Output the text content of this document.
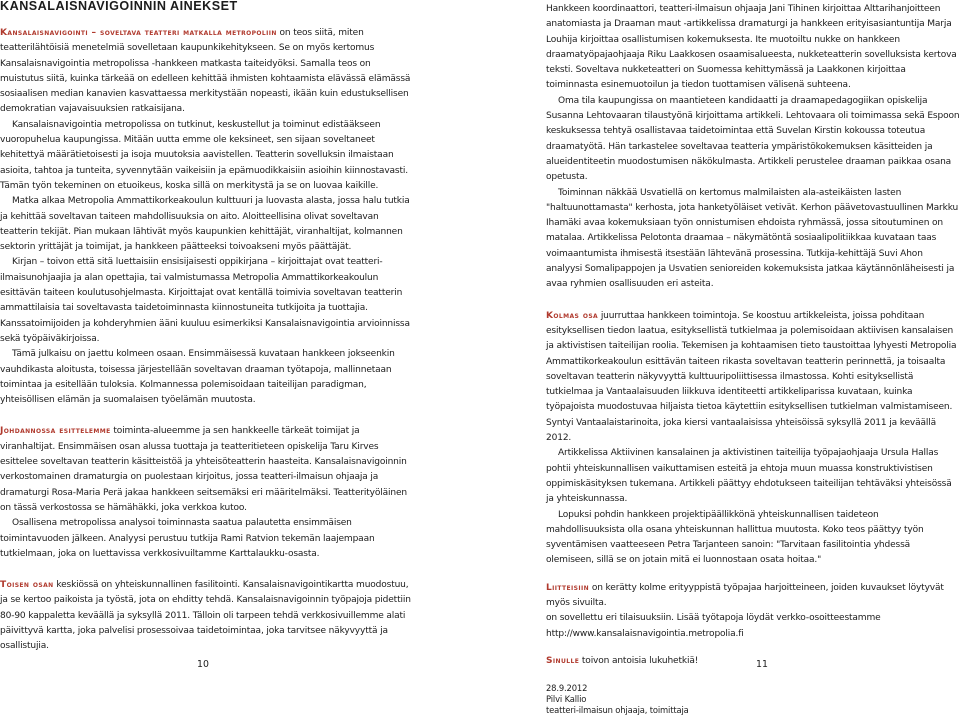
KANSALAISNAVIGOINNIN AINEKSET

Kansalaisnavigointi – soveltava teatteri matkalla metropoliin on teos siitä, miten teatterilähtöisiä menetelmiä sovelletaan kaupunkikehitykseen. Se on myös kertomus Kansalaisnavigointia metropolissa -hankkeen matkasta taiteidyöksi. Samalla teos on muistutus siitä, kuinka tärkeää on edelleen kehittää ihmisten kohtaamista elävässä elämässä sosiaalisen median kanavien kasvattaessa merkitystään nopeasti, ikään kuin edustuksellisen demokratian vajavaisuuksien ratkaisijana.

Kansalaisnavigointia metropolissa on tutkinut, keskustellut ja toiminut edistääkseen vuoropuhelua kaupungissa. Mitään uutta emme ole keksineet, sen sijaan soveltaneet kehitettyä määrätietoisesti ja isoja muutoksia aavistellen. Teatterin sovelluksin ilmaistaan asioita, tahtoa ja tunteita, syvennytään vaikeisiin ja epämuodikkaisiin asioihin kiinnostavasti. Tämän työn tekeminen on etuoikeus, koska sillä on merkitystä ja se on luovaa kaikille.

Matka alkaa Metropolia Ammattikorkeakoulun kulttuuri ja luovasta alasta, jossa halu tutkia ja kehittää soveltavan taiteen mahdollisuuksia on aito. Aloitteellisina olivat soveltavan teatterin tekijät. Pian mukaan lähtivät myös kaupunkien kehittäjät, viranhaltijat, kolmannen sektorin yrittäjät ja toimijat, ja hankkeen päätteeksi toivoakseni myös päättäjät.

Kirjan – toivon että sitä luettaisiin ensisijaisesti oppikirjana – kirjoittajat ovat teatteri-ilmaisunohjaajia ja alan opettajia, tai valmistumassa Metropolia Ammattikorkeakoulun esittävän taiteen koulutusohjelmasta. Kirjoittajat ovat kentällä toimivia soveltavan teatterin ammattilaisia tai soveltavasta taidetoiminnasta kiinnostuneita tutkijoita ja tuottajia. Kanssatoimijoiden ja kohderyhmien ääni kuuluu esimerkiksi Kansalaisnavigointia arvioinnissa sekä työpäiväkirjoissa.

Tämä julkaisu on jaettu kolmeen osaan. Ensimmäisessä kuvataan hankkeen jokseenkin vauhdikasta aloitusta, toisessa järjestellään soveltavan draaman työtapoja, mallinnetaan toimintaa ja esitellään tuloksia. Kolmannessa polemisoidaan taiteilijan paradigman, yhteisöllisen elämän ja suomalaisen työelämän muutosta.

Johdannossa esittelemme toiminta-alueemme ja sen hankkeelle tärkeät toimijat ja viranhaltijat. Ensimmäisen osan alussa tuottaja ja teatteritieteen opiskelija Taru Kirves esittelee soveltavan teatterin käsitteistöä ja yhteisöteatterin haasteita. Kansalaisnavigoinnin verkostomainen dramaturgia on puolestaan kirjoitus, jossa teatteri-ilmaisun ohjaaja ja dramaturgi Rosa-Maria Perä jakaa hankkeen seitsemäksi eri määritelmäksi. Teatterityöläinen on tässä verkostossa se hämähäkki, joka verkkoa kutoo.

Osallisena metropolissa analysoi toiminnasta saatua palautetta ensimmäisen toimintavuoden jälkeen. Analyysi perustuu tutkija Rami Ratvion tekemän laajempaan tutkielmaan, joka on luettavissa verkkosivuiltamme Karttalaukku-osasta.

Toisen osan keskiössä on yhteiskunnallinen fasilitointi. Kansalaisnavigointikartta muodostuu, ja se kertoo paikoista ja työstä, jota on ehditty tehdä. Kansalaisnavigoinnin työpajoja pidettiin 80-90 kappaletta keväällä ja syksyllä 2011. Tälloin oli tarpeen tehdä verkkosivuillemme alati päivittyvä kartta, joka palvelisi prosessoivaa taidetoimintaa, joka tarvitsee näkyvyyttä ja osallistujia.

Hankkeen koordinaattori, teatteri-ilmaisun ohjaaja Jani Tihinen kirjoittaa Alttarihanjoitteen anatomiasta ja Draaman maut -artikkelissa dramaturgi ja hankkeen erityisasiantuntija Marja Louhija kirjoittaa osallistumisen kokemuksesta. Ite muotoiltu nukke on hankkeen draamatyöpajaohjaaja Riku Laakkosen osaamisalueesta, nukketeatterin sovelluksista kertova teksti. Soveltava nukketeatteri on Suomessa kehittymässä ja Laakkonen kirjoittaa toiminnasta esinemuotoilun ja tiedon tuottamisen välisenä suhteena.

Oma tila kaupungissa on maantieteen kandidaatti ja draamapedagogiikan opiskelija Susanna Lehtovaaran tilaustyönä kirjoittama artikkeli. Lehtovaara oli toimimassa sekä Espoon keskuksessa tehtyä osallistavaa taidetoimintaa että Suvelan Kirstin kokoussa toteutua draamatyötä. Hän tarkastelee soveltavaa teatteria ympäristökokemuksen käsitteiden ja alueidentiteetin muodostumisen näkökulmasta. Artikkeli perustelee draaman paikkaa osana opetusta.

Toiminnan näkkää Usvatiellä on kertomus malmilaisten ala-asteikäisten lasten "haltuunottamasta" kerhosta, jota hanketyöläiset vetivät. Kerhon päävetovastuullinen Markku Ihamäki avaa kokemuksiaan työn onnistumisen ehdoista ryhmässä, jossa sitoutuminen on matalaa. Artikkelissa Pelotonta draamaa – näkymätöntä sosiaalipolitiikkaa kuvataan taas voimaantumista ihmisestä itsestään lähtevänä prosessina. Tutkija-kehittäjä Suvi Ahon analyysi Somalipappojen ja Usvatien senioreiden kokemuksista jatkaa käytännönläheisesti ja avaa ryhmien osallisuuden eri asteita.

Kolmas osa juurruttaa hankkeen toimintoja. Se koostuu artikkeleista, joissa pohditaan esityksellisen tiedon laatua, esityksellistä tutkielmaa ja polemisoidaan aktiivisen kansalaisen ja aktivistisen taiteilijan roolia. Tekemisen ja kohtaamisen tieto taustoittaa lyhyesti Metropolia Ammattikorkeakoulun esittävän taiteen rikasta soveltavan teatterin perinnettä, ja toisaalta soveltavan teatterin näkyvyyttä kulttuuripoliittisessa ilmastossa. Kohti esityksellistä tutkielmaa ja Vantaalaisuuden liikkuva identiteetti artikkeliparissa kuvataan, kuinka työpajoista muodostuvaa hiljaista tietoa käytettiin esityksellisen tutkielman valmistamiseen. Syntyi Vantaalaistarinoita, joka kiersi vantaalaisissa yhteisöissä syksyllä 2011 ja keväällä 2012.

Artikkelissa Aktiivinen kansalainen ja aktivistinen taiteilija työpajaohjaaja Ursula Hallas pohtii yhteiskunnallisen vaikuttamisen esteitä ja ehtoja muun muassa konstruktivistisen oppimiskäsityksen tukemana. Artikkeli päättyy ehdotukseen taiteilijan tehtäväksi yhteisössä ja yhteiskunnassa.

Lopuksi pohdin hankkeen projektipäällikkönä yhteiskunnallisen taideteon mahdollisuuksista olla osana yhteiskunnan hallittua muutosta. Koko teos päättyy työn syventämisen vaatteeseen Petra Tarjanteen sanoin: "Tarvitaan fasilitointia yhdessä olemiseen, sillä se on jotain mitä ei luonnostaan osata hoitaa."

Liitteisiin on kerätty kolme erityyppistä työpajaa harjoitteineen, joiden kuvaukset löytyvät myös sivuilta.

on sovellettu eri tilaisuuksiin. Lisää työtapoja löydät verkko-osoitteestamme http://www.kansalaisnavigointia.metropolia.fi

Sinulle toivon antoisia lukuhetkiä!

28.9.2012
Pilvi Kallio
teatteri-ilmaisun ohjaaja, toimittaja
10	11
